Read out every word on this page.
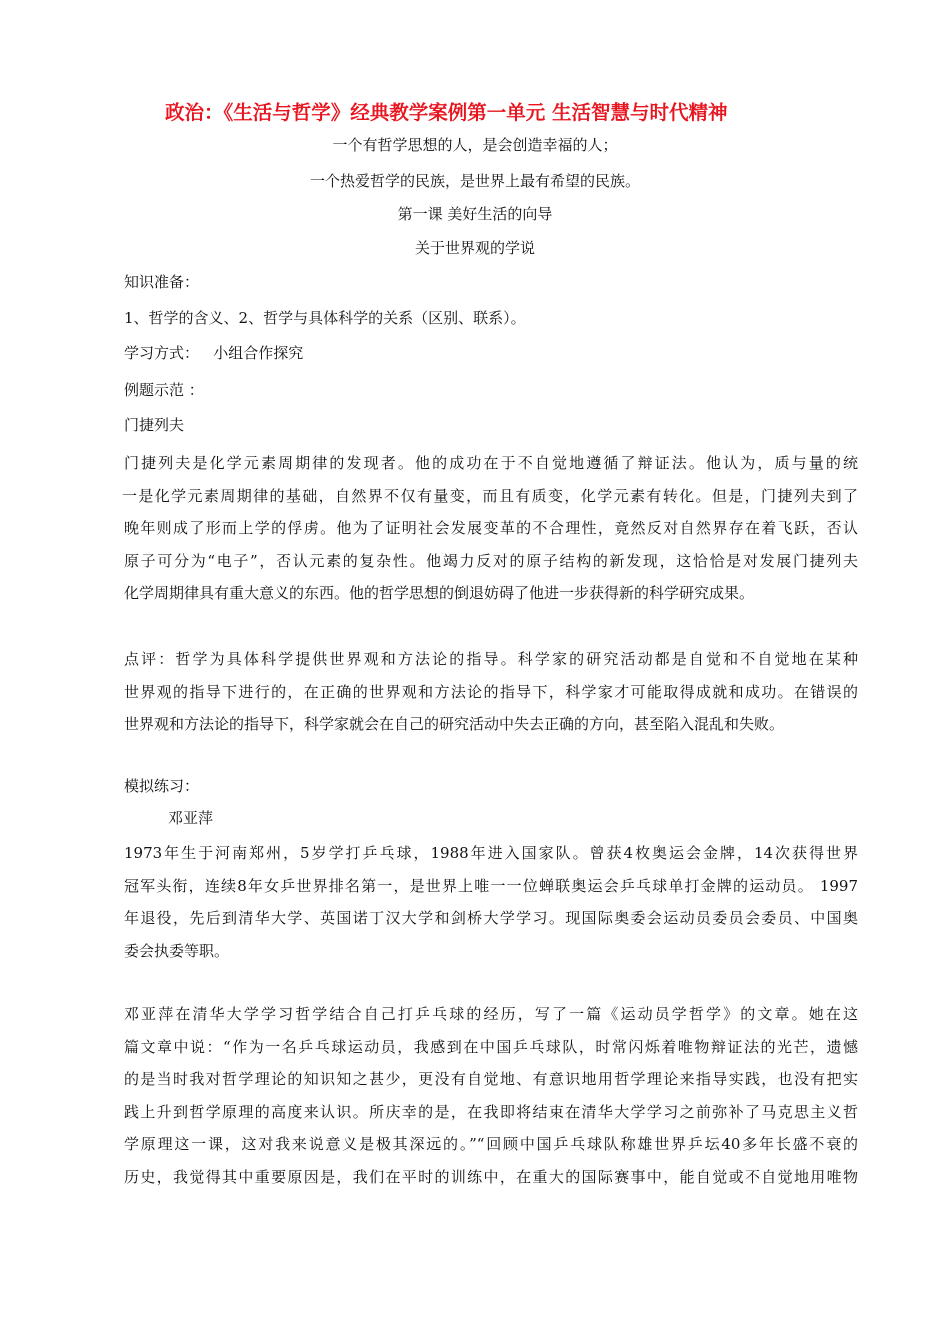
政治：《生活与哲学》经典教学案例第一单元 生活智慧与时代精神
一个有哲学思想的人，是会创造幸福的人；
一个热爱哲学的民族，是世界上最有希望的民族。
第一课 美好生活的向导
关于世界观的学说
知识准备：
1、哲学的含义、2、哲学与具体科学的关系（区别、联系）。
学习方式：   小组合作探究
例题示范 ：
门捷列夫
门捷列夫是化学元素周期律的发现者。他的成功在于不自觉地遵循了辩证法。他认为，质与量的统
一是化学元素周期律的基础，自然界不仅有量变，而且有质变，化学元素有转化。但是，门捷列夫到了
晚年则成了形而上学的俘虏。他为了证明社会发展变革的不合理性，竟然反对自然界存在着飞跃，否认
原子可分为“电子”，否认元素的复杂性。他竭力反对的原子结构的新发现，这恰恰是对发展门捷列夫
化学周期律具有重大意义的东西。他的哲学思想的倒退妨碍了他进一步获得新的科学研究成果。
点评：哲学为具体科学提供世界观和方法论的指导。科学家的研究活动都是自觉和不自觉地在某种
世界观的指导下进行的，在正确的世界观和方法论的指导下，科学家才可能取得成就和成功。在错误的
世界观和方法论的指导下，科学家就会在自己的研究活动中失去正确的方向，甚至陷入混乱和失败。
模拟练习：
邓亚萍
1973年生于河南郑州，5岁学打乒乓球，1988年进入国家队。曾获4枚奥运会金牌，14次获得世界
冠军头衔，连续8年女乒世界排名第一，是世界上唯一一位蝉联奥运会乒乓球单打金牌的运动员。 1997
年退役，先后到清华大学、英国诺丁汉大学和剑桥大学学习。现国际奥委会运动员委员会委员、中国奥
委会执委等职。
邓亚萍在清华大学学习哲学结合自己打乒乓球的经历，写了一篇《运动员学哲学》的文章。她在这
篇文章中说：“作为一名乒乓球运动员，我感到在中国乒乓球队，时常闪烁着唯物辩证法的光芒，遗憾
的是当时我对哲学理论的知识知之甚少，更没有自觉地、有意识地用哲学理论来指导实践，也没有把实
践上升到哲学原理的高度来认识。所庆幸的是，在我即将结束在清华大学学习之前弥补了马克思主义哲
学原理这一课，这对我来说意义是极其深远的。”“回顾中国乒乓球队称雄世界乒坛40多年长盛不衰的
历史，我觉得其中重要原因是，我们在平时的训练中，在重大的国际赛事中，能自觉或不自觉地用唯物
